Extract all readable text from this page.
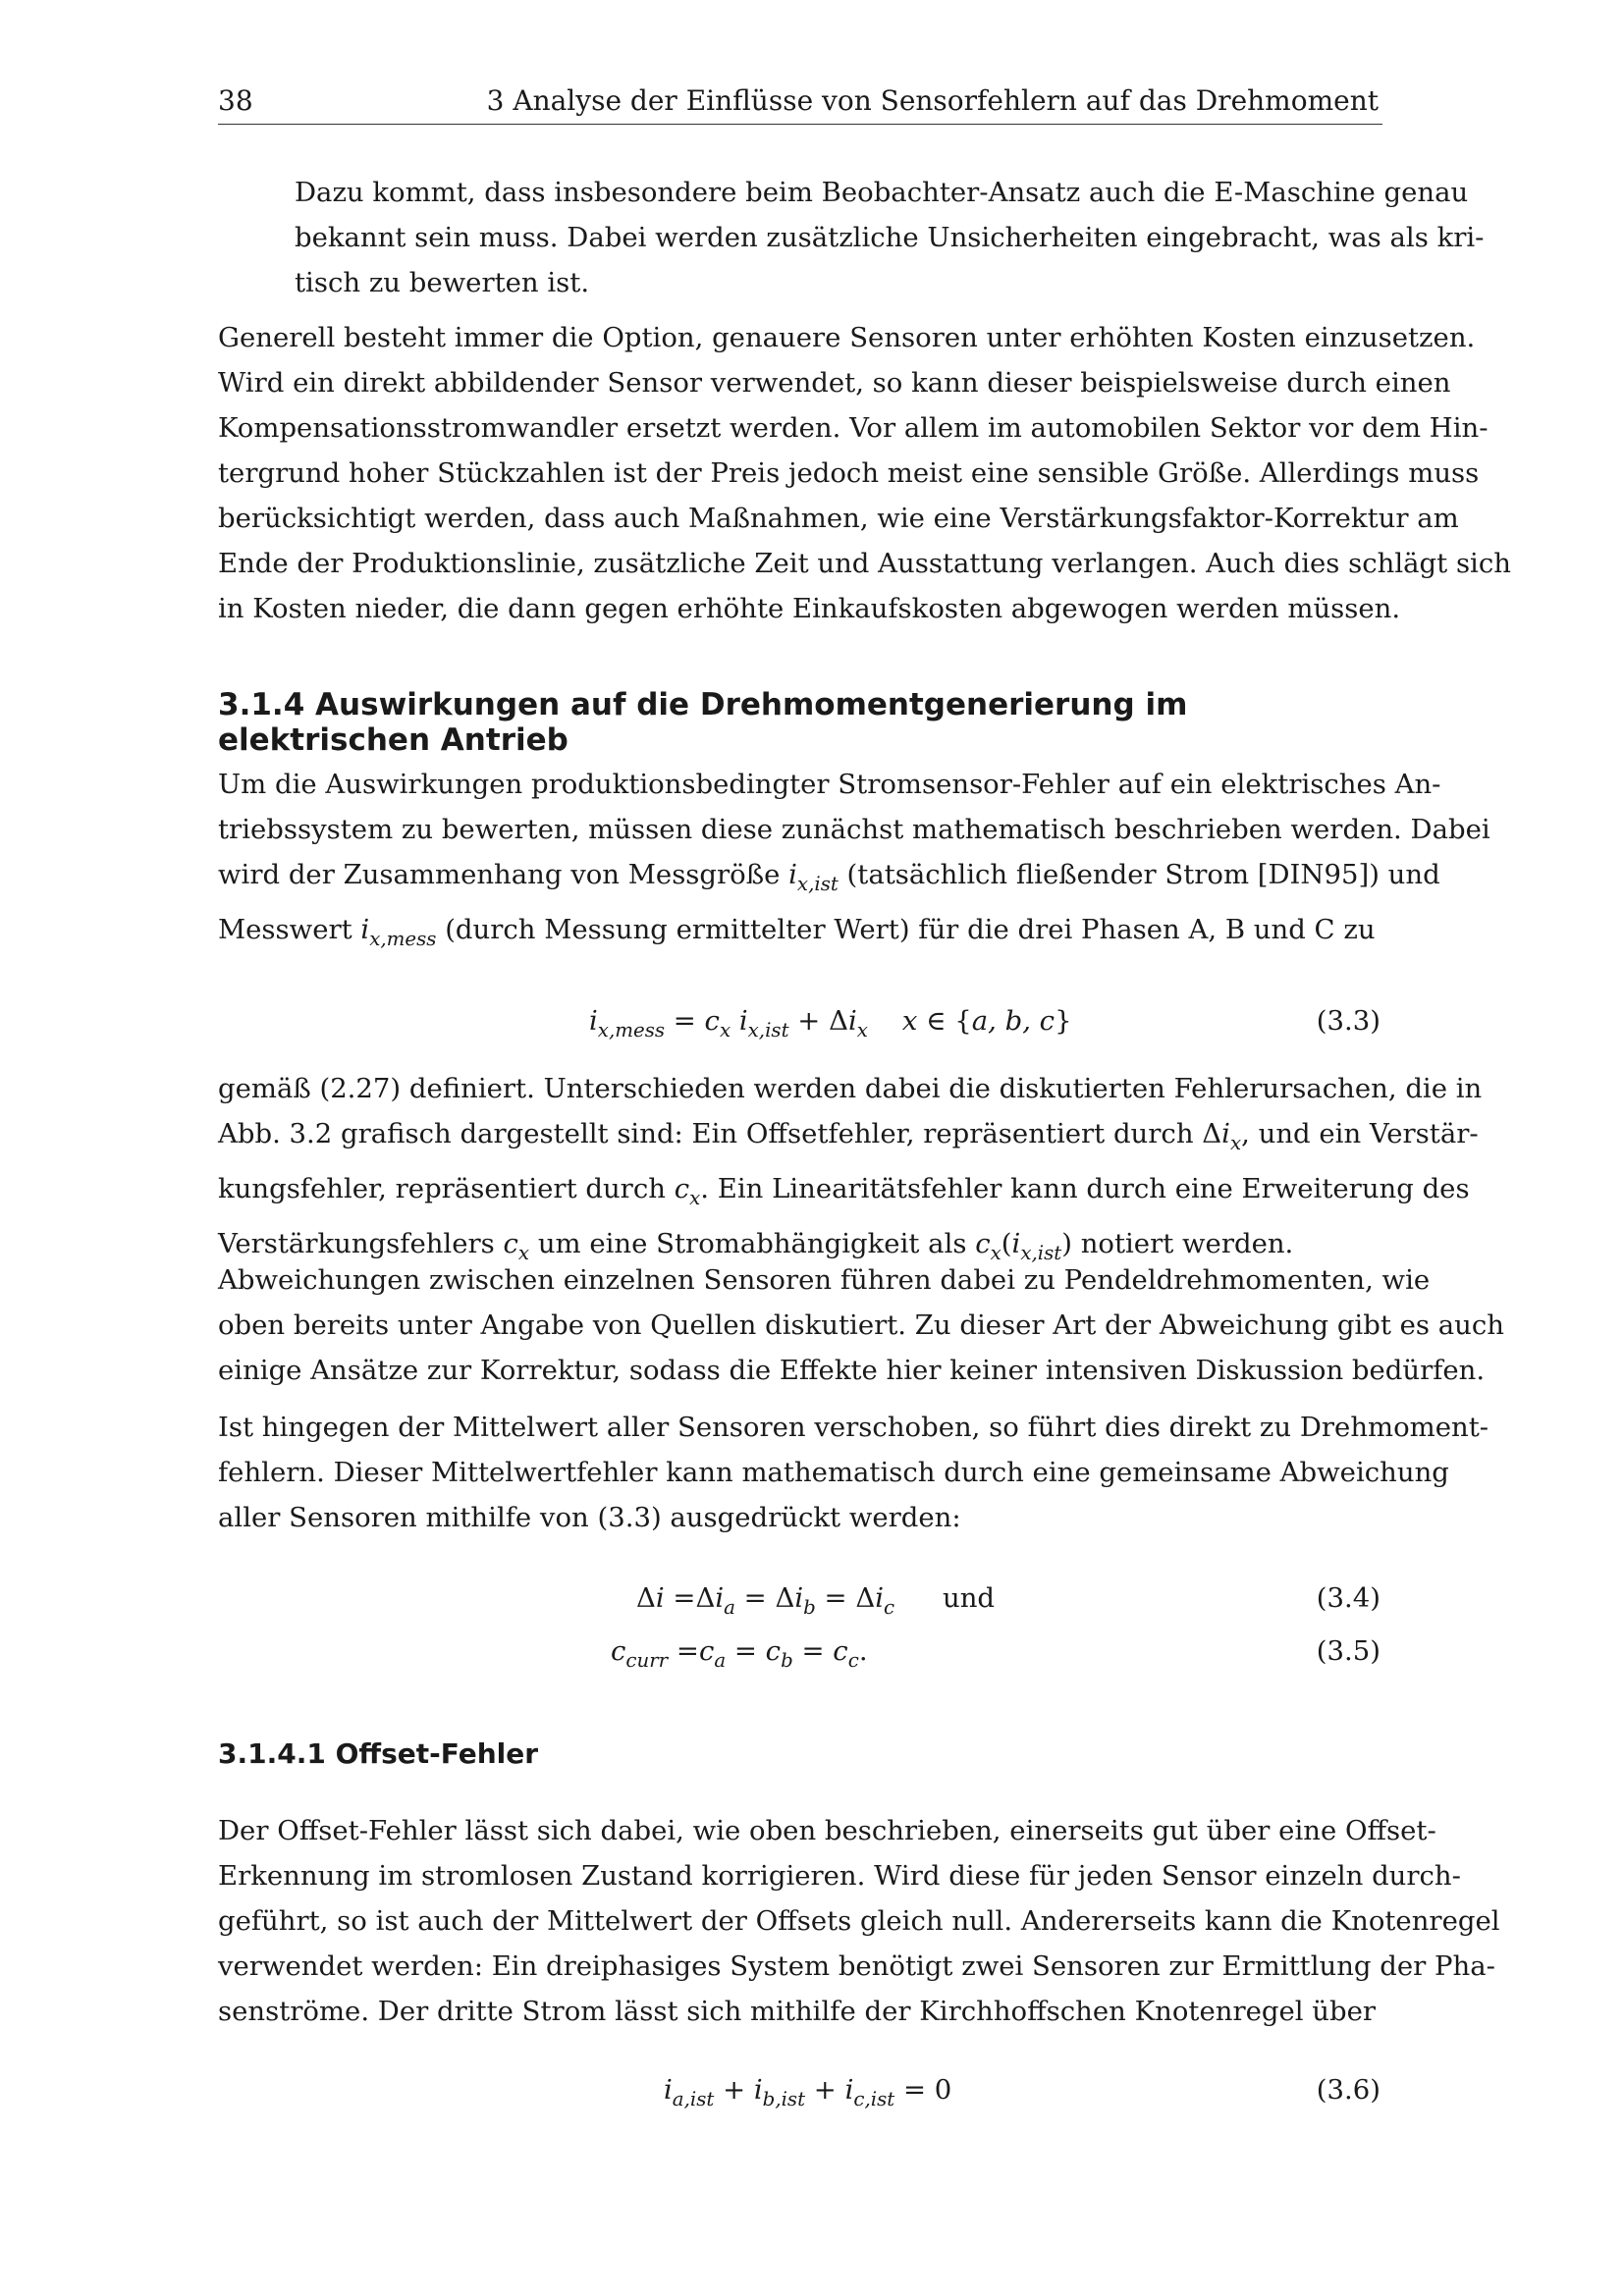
38	3 Analyse der Einflüsse von Sensorfehlern auf das Drehmoment
Dazu kommt, dass insbesondere beim Beobachter-Ansatz auch die E-Maschine genau
bekannt sein muss. Dabei werden zusätzliche Unsicherheiten eingebracht, was als kri-
tisch zu bewerten ist.
Generell besteht immer die Option, genauere Sensoren unter erhöhten Kosten einzusetzen.
Wird ein direkt abbildender Sensor verwendet, so kann dieser beispielsweise durch einen
Kompensationsstromwandler ersetzt werden. Vor allem im automobilen Sektor vor dem Hin-
tergrund hoher Stückzahlen ist der Preis jedoch meist eine sensible Größe. Allerdings muss
berücksichtigt werden, dass auch Maßnahmen, wie eine Verstärkungsfaktor-Korrektur am
Ende der Produktionslinie, zusätzliche Zeit und Ausstattung verlangen. Auch dies schlägt sich
in Kosten nieder, die dann gegen erhöhte Einkaufskosten abgewogen werden müssen.
3.1.4 Auswirkungen auf die Drehmomentgenerierung im elektrischen Antrieb
Um die Auswirkungen produktionsbedingter Stromsensor-Fehler auf ein elektrisches An-
triebssystem zu bewerten, müssen diese zunächst mathematisch beschrieben werden. Dabei
wird der Zusammenhang von Messgröße $i_{x,ist}$ (tatsächlich fließender Strom [DIN95]) und
Messwert $i_{x,mess}$ (durch Messung ermittelter Wert) für die drei Phasen A, B und C zu
$i_{x,mess} = c_x$ $i_{x,ist} + \Delta i_x$    x ∈ {a, b, c}	(3.3)
gemäß (2.27) definiert. Unterschieden werden dabei die diskutierten Fehlerursachen, die in
Abb. 3.2 grafisch dargestellt sind: Ein Offsetfehler, repräsentiert durch $\Delta i_x$, und ein Verstär-
kungsfehler, repräsentiert durch $c_x$. Ein Linearitätsfehler kann durch eine Erweiterung des
Verstärkungsfehlers $c_x$ um eine Stromabhängigkeit als $c_x(i_{x,ist})$ notiert werden.
Abweichungen zwischen einzelnen Sensoren führen dabei zu Pendeldrehmomenten, wie
oben bereits unter Angabe von Quellen diskutiert. Zu dieser Art der Abweichung gibt es auch
einige Ansätze zur Korrektur, sodass die Effekte hier keiner intensiven Diskussion bedürfen.
Ist hingegen der Mittelwert aller Sensoren verschoben, so führt dies direkt zu Drehmoment-
fehlern. Dieser Mittelwertfehler kann mathematisch durch eine gemeinsame Abweichung
aller Sensoren mithilfe von (3.3) ausgedrückt werden:
$\Delta i =\Delta i_a = \Delta i_b = \Delta i_c$ und	(3.4)
$c_{curr} =c_a = c_b = c_c$.	(3.5)
3.1.4.1 Offset-Fehler
Der Offset-Fehler lässt sich dabei, wie oben beschrieben, einerseits gut über eine Offset-
Erkennung im stromlosen Zustand korrigieren. Wird diese für jeden Sensor einzeln durch-
geführt, so ist auch der Mittelwert der Offsets gleich null. Andererseits kann die Knotenregel
verwendet werden: Ein dreiphasiges System benötigt zwei Sensoren zur Ermittlung der Pha-
senströme. Der dritte Strom lässt sich mithilfe der Kirchhoffschen Knotenregel über
$i_{a,ist} + i_{b,ist} + i_{c,ist} = 0$	(3.6)
